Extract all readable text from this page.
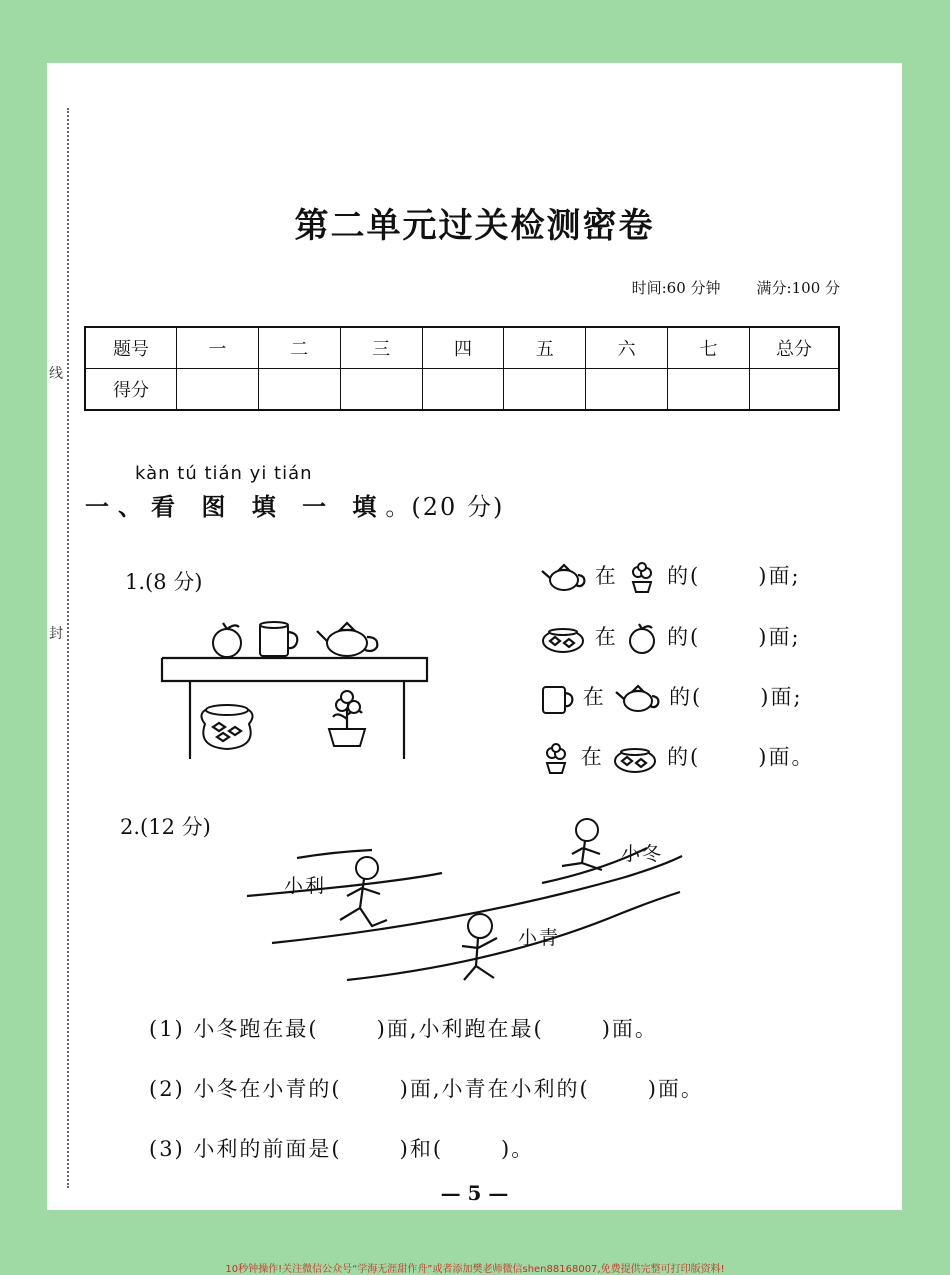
线
封
第二单元过关检测密卷
时间:60 分钟 满分:100 分
题号	一	二	三	四	五	六	七	总分
得分								
kàn tú tián yi tián
一、看 图 填 一 填。(20 分)
1.(8 分)	在 的(	)面;
在 的(	)面;
在	的(	)面;
在	的(	)面。
2.(12 分)
小利
小冬
小青
(1) 小冬跑在最(	)面,小利跑在最(	)面。
(2) 小冬在小青的(	)面,小青在小利的(	)面。
(3) 小利的前面是(	)和(	)。
— 5 —
10秒钟操作!关注微信公众号“学海无涯甜作舟”或者添加樊老师微信shen88168007,免费提供完整可打印版资料!
